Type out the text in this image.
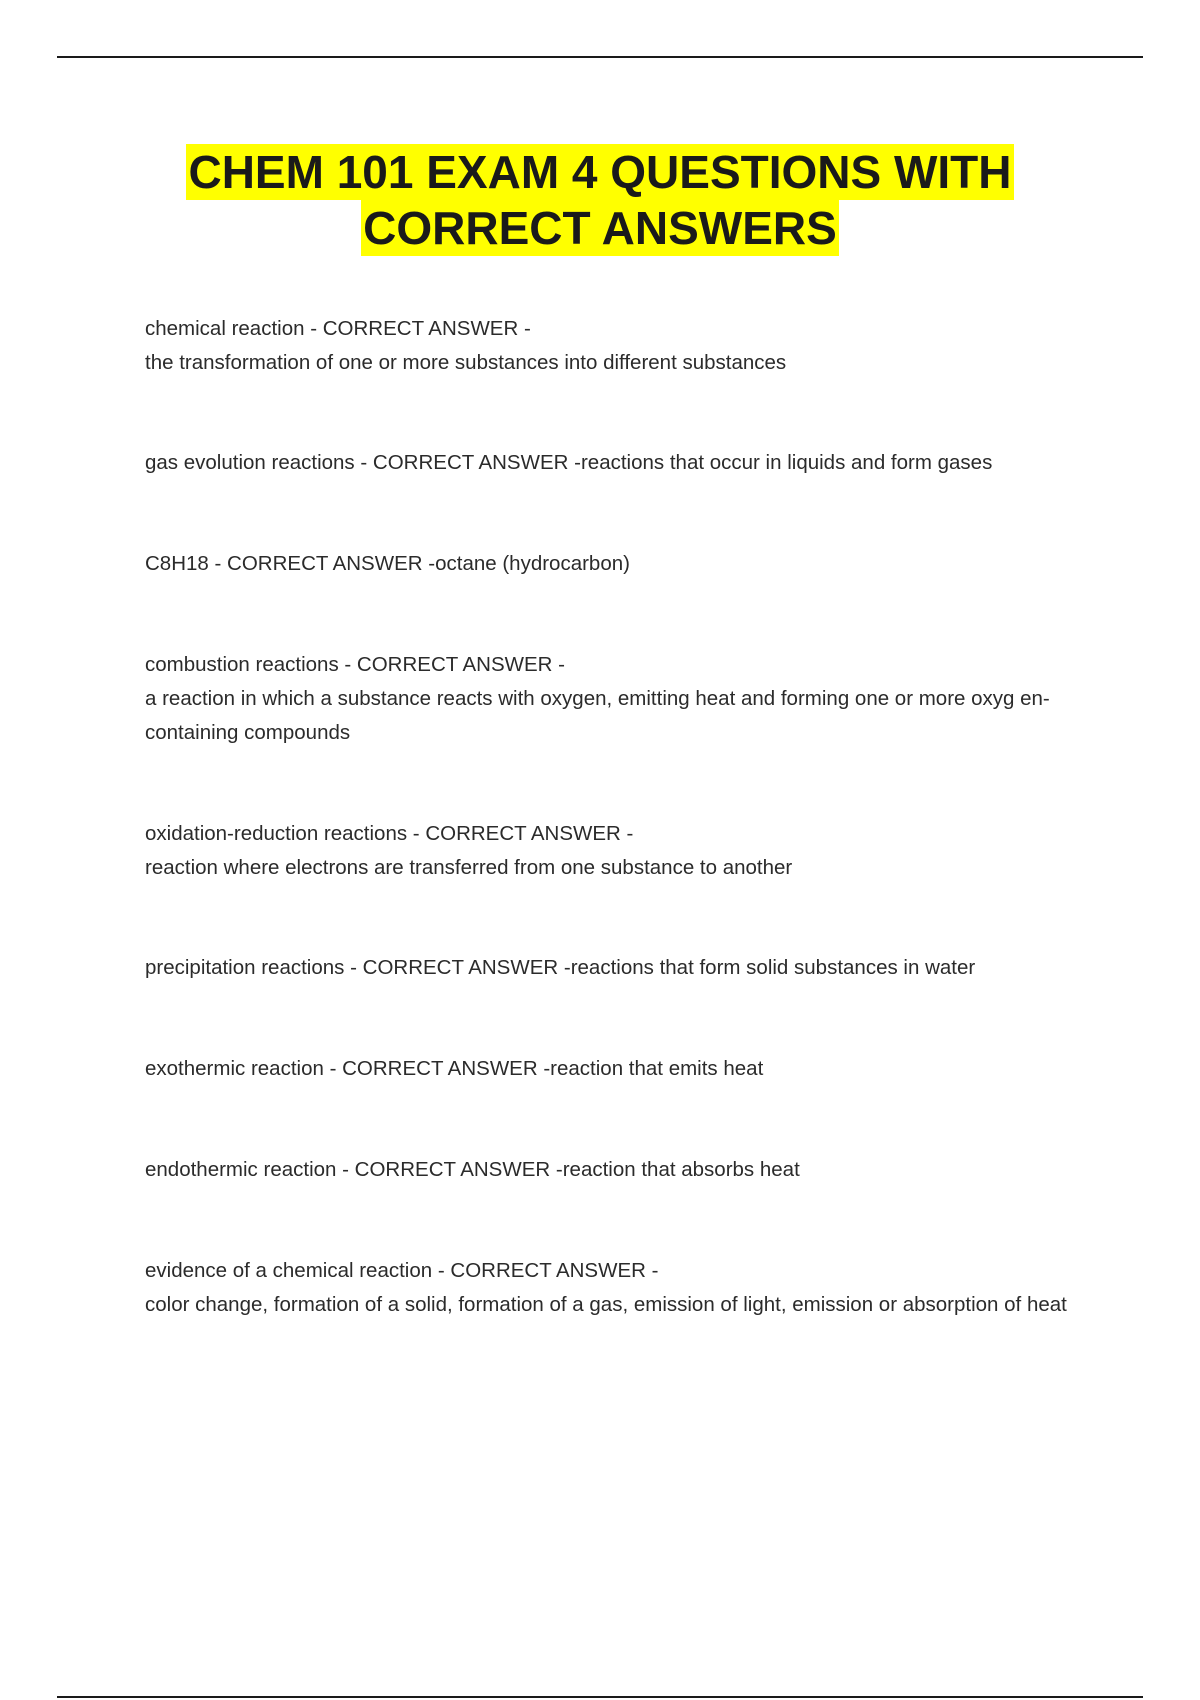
CHEM 101 EXAM 4 QUESTIONS WITH
CORRECT ANSWERS
chemical reaction - CORRECT ANSWER -
the transformation of one or more substances into different substances
gas evolution reactions - CORRECT ANSWER -reactions that occur in liquids and form gases
C8H18 - CORRECT ANSWER -octane (hydrocarbon)
combustion reactions - CORRECT ANSWER -
a reaction in which a substance reacts with oxygen, emitting heat and forming one or more oxyg en-containing compounds
oxidation-reduction reactions - CORRECT ANSWER -
reaction where electrons are transferred from one substance to another
precipitation reactions - CORRECT ANSWER -reactions that form solid substances in water
exothermic reaction - CORRECT ANSWER -reaction that emits heat
endothermic reaction - CORRECT ANSWER -reaction that absorbs heat
evidence of a chemical reaction - CORRECT ANSWER -
color change, formation of a solid, formation of a gas, emission of light, emission or absorption of heat
